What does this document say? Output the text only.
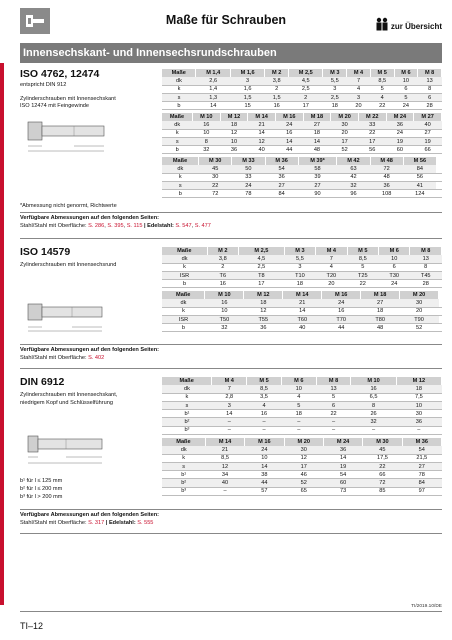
Maße für Schrauben	zur Übersicht
Innensechskant- und Innensechsrundschrauben
ISO 4762, 12474
entspricht DIN 912
Zylinderschrauben mit Innensechskant
ISO 12474 mit Feingewinde
Maße	M 1,4	M 1,6	M 2	M 2,5	M 3	M 4	M 5	M 6	M 8
dk	2,6	3	3,8	4,5	5,5	7	8,5	10	13
k	1,4	1,6	2	2,5	3	4	5	6	8
s	1,3	1,5	1,5	2	2,5	3	4	5	6
b	14	15	16	17	18	20	22	24	28
Maße	M 10	M 12	M 14	M 16	M 18	M 20	M 22	M 24	M 27
dk	16	18	21	24	27	30	33	36	40
k	10	12	14	16	18	20	22	24	27
s	8	10	12	14	14	17	17	19	19
b	32	36	40	44	48	52	56	60	66
Maße	M 30	M 33	M 36	M 39*	M 42	M 48	M 56		
dk	45	50	54	58	63	72	84		
k	30	33	36	39	42	48	56		
s	22	24	27	27	32	36	41		
b	72	78	84	90	96	108	124		
*Abmessung nicht genormt, Richtwerte
Verfügbare Abmessungen auf den folgenden Seiten:
Stahl/Stahl mit Oberfläche: S. 286, S. 395, S. 115 | Edelstahl: S. 547, S. 477
ISO 14579
Zylinderschrauben mit Innensechsrund
Maße	M 2	M 2,5	M 3	M 4	M 5	M 6	M 8
dk	3,8	4,5	5,5	7	8,5	10	13
k	2	2,5	3	4	5	6	8
ISR	T6	T8	T10	T20	T25	T30	T45
b	16	17	18	20	22	24	28
Maße	M 10	M 12	M 14	M 16	M 18	M 20	
dk	16	18	21	24	27	30	
k	10	12	14	16	18	20	
ISR	T50	T55	T60	T70	T80	T90	
b	32	36	40	44	48	52	
Verfügbare Abmessungen auf den folgenden Seiten:
Stahl/Stahl mit Oberfläche: S. 402
DIN 6912
Zylinderschrauben mit Innensechskant,
niedrigem Kopf und Schlüsselführung
b¹ für l ≤ 125 mm
b² für l ≤ 200 mm
b³ für l > 200 mm
Maße	M 4	M 5	M 6	M 8	M 10	M 12
dk	7	8,5	10	13	16	18
k	2,8	3,5	4	5	6,5	7,5
s	3	4	5	6	8	10
b¹	14	16	18	22	26	30
b²	–	–	–	–	32	36
b³	–	–	–	–	–	–
Maße	M 14	M 16	M 20	M 24	M 30	M 36
dk	21	24	30	36	45	54
k	8,5	10	12	14	17,5	21,5
s	12	14	17	19	22	27
b¹	34	38	46	54	66	78
b²	40	44	52	60	72	84
b³	–	57	65	73	85	97
Verfügbare Abmessungen auf den folgenden Seiten:
Stahl/Stahl mit Oberfläche: S. 317 | Edelstahl: S. 555
TI/2019.10/DE
TI–12
